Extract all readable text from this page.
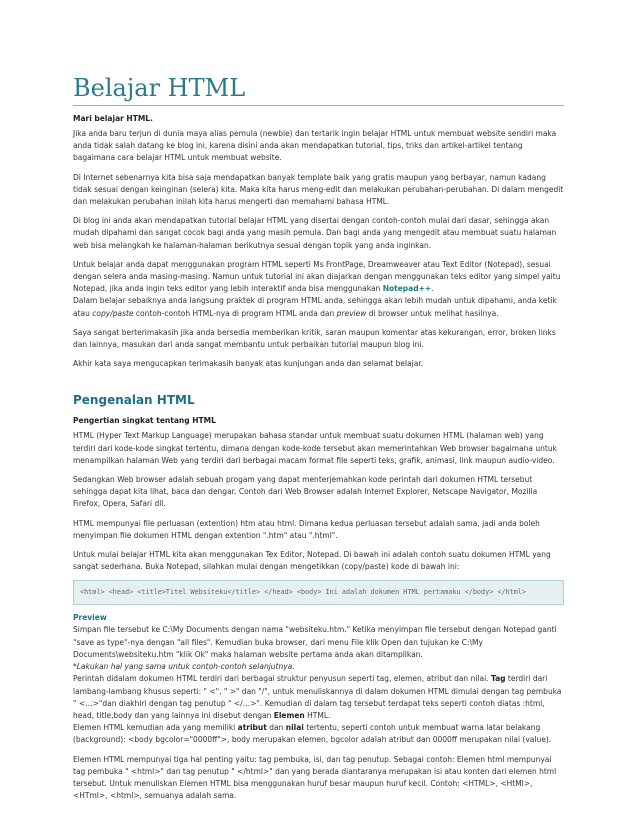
Belajar HTML
Mari belajar HTML.

Jika anda baru terjun di dunia maya alias pemula (newbie) dan tertarik ingin belajar HTML untuk membuat website sendiri maka anda tidak salah datang ke blog ini, karena disini anda akan mendapatkan tutorial, tips, triks dan artikel-artikel tentang bagaimana cara belajar HTML untuk membuat website.

Di Internet sebenarnya kita bisa saja mendapatkan banyak template baik yang gratis maupun yang berbayar, namun kadang tidak sesuai dengan keinginan (selera) kita. Maka kita harus meng-edit dan melakukan perubahan-perubahan. Di dalam mengedit dan melakukan perubahan inilah kita harus mengerti dan memahami bahasa HTML.

Di blog ini anda akan mendapatkan tutorial belajar HTML yang disertai dengan contoh-contoh mulai dari dasar, sehingga akan mudah dipahami dan sangat cocok bagi anda yang masih pemula. Dan bagi anda yang mengedit atau membuat suatu halaman web bisa melangkah ke halaman-halaman berikutnya sesuai dengan topik yang anda inginkan.

Untuk belajar anda dapat menggunakan program HTML seperti Ms FrontPage, Dreamweaver atau Text Editor (Notepad), sesuai dengan selera anda masing-masing. Namun untuk tutorial ini akan diajarkan dengan menggunakan teks editor yang simpel yaitu Notepad, jika anda ingin teks editor yang lebih interaktif anda bisa menggunakan Notepad++.

Dalam belajar sebaiknya anda langsung praktek di program HTML anda, sehingga akan lebih mudah untuk dipahami, anda ketik atau copy/paste contoh-contoh HTML-nya di program HTML anda dan preview di browser untuk melihat hasilnya.

Saya sangat berterimakasih jika anda bersedia memberikan kritik, saran maupun komentar atas kekurangan, error, broken links dan lainnya, masukan dari anda sangat membantu untuk perbaikan tutorial maupun blog ini.

Akhir kata saya mengucapkan terimakasih banyak atas kunjungan anda dan selamat belajar.

Pengenalan HTML
Pengertian singkat tentang HTML

HTML (Hyper Text Markup Language) merupakan bahasa standar untuk membuat suatu dokumen HTML (halaman web) yang terdiri dari kode-kode singkat tertentu, dimana dengan kode-kode tersebut akan memerintahkan Web browser bagaimana untuk menampilkan halaman Web yang terdiri dari berbagai macam format file seperti teks, grafik, animasi, link maupun audio-video.

Sedangkan Web browser adalah sebuah progam yang dapat menterjemahkan kode perintah dari dokumen HTML tersebut sehingga dapat kita lihat, baca dan dengar. Contoh dari Web Browser adalah Internet Explorer, Netscape Navigator, Mozilla Firefox, Opera, Safari dll.

HTML mempunyai file perluasan (extention) htm atau html. Dimana kedua perluasan tersebut adalah sama, jadi anda boleh menyimpan file dokumen HTML dengan extention ".htm" atau ".html".

Untuk mulai belajar HTML kita akan menggunakan Tex Editor, Notepad. Di bawah ini adalah contoh suatu dokumen HTML yang sangat sederhana. Buka Notepad, silahkan mulai dengan mengetikkan (copy/paste) kode di bawah ini:

<html> <head> <title>Titel Websiteku</title> </head> <body> Ini adalah dokumen HTML pertamaku </body> </html>
Preview

Simpan file tersebut ke C:\My Documents dengan nama "websiteku.htm." Ketika menyimpan file tersebut dengan Notepad ganti "save as type"-nya dengan "all files". Kemudian buka browser, dari menu File klik Open dan tujukan ke C:\My Documents\websiteku.htm "klik Ok" maka halaman website pertama anda akan ditampilkan.

*Lakukan hal yang sama untuk contoh-contoh selanjutnya.

Perintah didalam dokumen HTML terdiri dari berbagai struktur penyusun seperti tag, elemen, atribut dan nilai. Tag terdiri dari lambang-lambang khusus seperti: " <", " >" dan "/", untuk menuliskannya di dalam dokumen HTML dimulai dengan tag pembuka " <…>"dan diakhiri dengan tag penutup " </…>". Kemudian di dalam tag tersebut terdapat teks seperti contoh diatas :html, head, title,body dan yang lainnya ini disebut dengan Elemen HTML.

Elemen HTML kemudian ada yang memiliki atribut dan nilai tertentu, seperti contoh untuk membuat warna latar belakang (background): <body bgcolor="0000ff">, body merupakan elemen, bgcolor adalah atribut dan 0000ff merupakan nilai (value).

Elemen HTML mempunyai tiga hal penting yaitu: tag pembuka, isi, dan tag penutup. Sebagai contoh: Elemen html mempunyai tag pembuka " <html>" dan tag penutup " </html>" dan yang berada diantaranya merupakan isi atau konten dari elemen html tersebut. Untuk menuliskan Elemen HTML bisa menggunakan huruf besar maupun huruf kecil. Contoh: <HTML>, <HtMl>, <HTml>, <html>, semuanya adalah sama.
